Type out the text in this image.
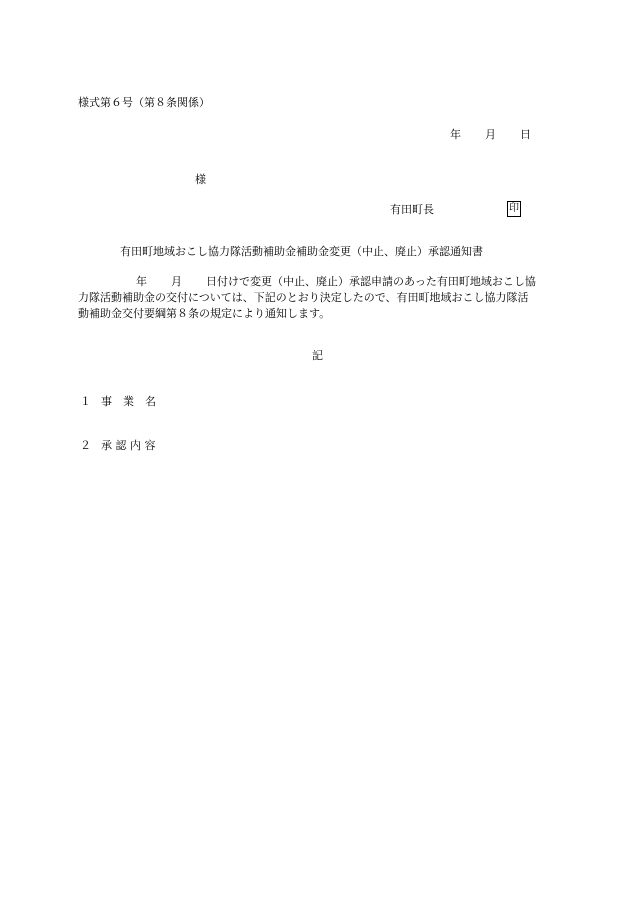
様式第６号（第８条関係）
年 月 日
様
有田町長	印
有田町地域おこし協力隊活動補助金補助金変更（中止、廃止）承認通知書
年 月 日付けで変更（中止、廃止）承認申請のあった有田町地域おこし協
力隊活動補助金の交付については、下記のとおり決定したので、有田町地域おこし協力隊活
動補助金交付要綱第８条の規定により通知します。
記
１ 事　業　名
２ 承 認 内 容
